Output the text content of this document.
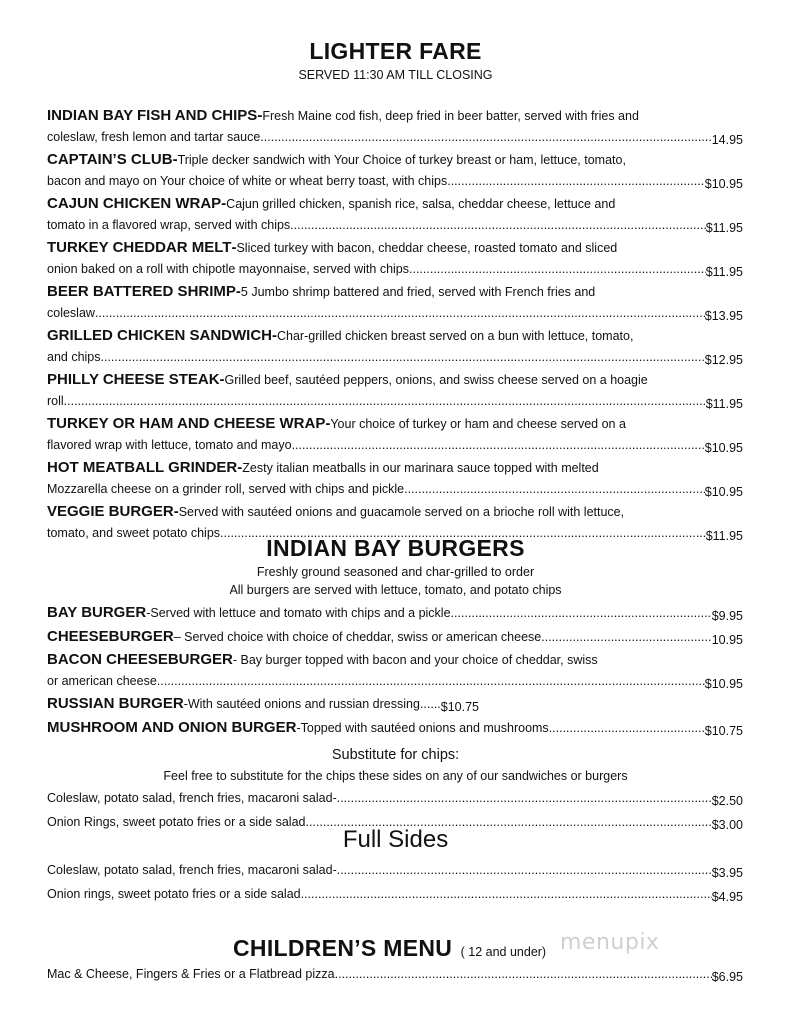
LIGHTER FARE
SERVED 11:30 AM TILL CLOSING
INDIAN BAY FISH AND CHIPS - Fresh Maine cod fish, deep fried in beer batter, served with fries and
coleslaw, fresh lemon and tartar sauce. .....	14.95
CAPTAIN’S CLUB - Triple decker sandwich with Your Choice of turkey breast or ham, lettuce, tomato,
bacon and mayo on Your choice of white or wheat berry toast, with chips .....	$10.95
CAJUN CHICKEN WRAP - Cajun grilled chicken, spanish rice, salsa, cheddar cheese, lettuce and
tomato in a flavored wrap, served with chips .....	$11.95
TURKEY CHEDDAR MELT - Sliced turkey with bacon, cheddar cheese, roasted tomato and sliced
onion baked on a roll with chipotle mayonnaise, served with chips .....	$11.95
BEER BATTERED SHRIMP - 5 Jumbo shrimp battered and fried, served with French fries and
coleslaw .....	$13.95
GRILLED CHICKEN SANDWICH - Char-grilled chicken breast served on a bun with lettuce, tomato,
and chips .....	$12.95
PHILLY CHEESE STEAK - Grilled beef, sautéed peppers, onions, and swiss cheese served on a hoagie
roll .....	$11.95
TURKEY OR HAM AND CHEESE WRAP - Your choice of turkey or ham and cheese served on a
flavored wrap with lettuce, tomato and mayo .....	$10.95
HOT MEATBALL GRINDER - Zesty italian meatballs in our marinara sauce topped with melted
Mozzarella cheese on a grinder roll, served with chips and pickle .....	$10.95
VEGGIE BURGER - Served with sautéed onions and guacamole served on a brioche roll with lettuce,
tomato, and sweet potato chips .....	$11.95
INDIAN BAY BURGERS
Freshly ground seasoned and char-grilled to order
All burgers are served with lettuce, tomato, and potato chips
BAY BURGER -Served with lettuce and tomato with chips and a pickle. .....	$9.95
CHEESEBURGER – Served choice with choice of cheddar, swiss or american cheese. .....	10.95
BACON CHEESEBURGER - Bay burger topped with bacon and your choice of cheddar, swiss
or american cheese .....	$10.95
RUSSIAN BURGER -With sautéed onions and russian dressing ...... $10.75
MUSHROOM AND ONION BURGER -Topped with sautéed onions and mushrooms .....	$10.75
Substitute for chips:
Feel free to substitute for the chips these sides on any of our sandwiches or burgers
Coleslaw, potato salad, french fries, macaroni salad- .....	$2.50
Onion Rings, sweet potato fries or a side salad .....	$3.00
Full Sides
Coleslaw, potato salad, french fries, macaroni salad- .....	$3.95
Onion rings, sweet potato fries or a side salad .....	$4.95
CHILDREN’S MENU ( 12 and under)
Mac & Cheese, Fingers & Fries or a Flatbread pizza .....	$6.95
menupix
